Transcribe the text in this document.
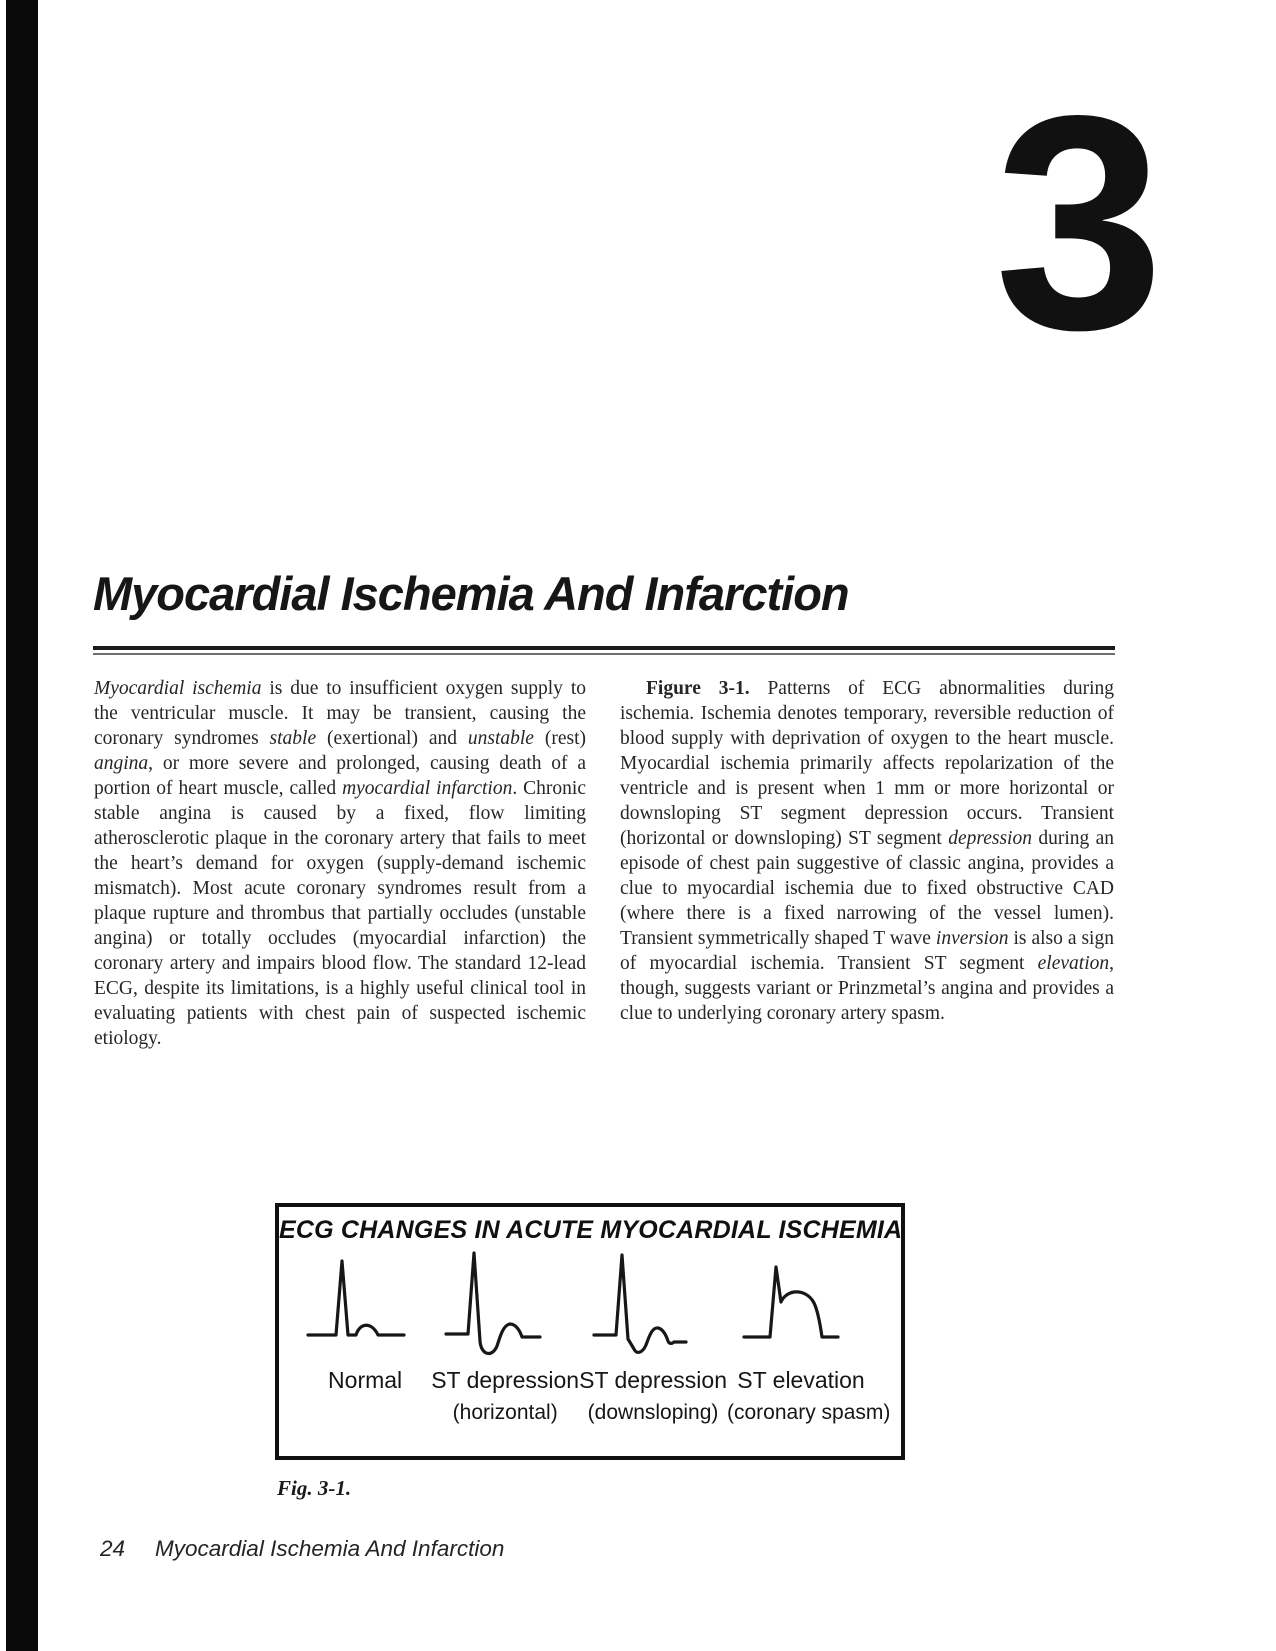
3
Myocardial Ischemia And Infarction

Myocardial ischemia is due to insufficient oxygen supply to the ventricular muscle. It may be transient, causing the coronary syndromes stable (exertional) and unstable (rest) angina, or more severe and prolonged, causing death of a portion of heart muscle, called myocardial infarction. Chronic stable angina is caused by a fixed, flow limiting atherosclerotic plaque in the coronary artery that fails to meet the heart’s demand for oxygen (supply-demand ischemic mismatch). Most acute coronary syndromes result from a plaque rupture and thrombus that partially occludes (unstable angina) or totally occludes (myocardial infarction) the coronary artery and impairs blood flow. The standard 12-lead ECG, despite its limitations, is a highly useful clinical tool in evaluating patients with chest pain of suspected ischemic etiology.

Figure 3-1. Patterns of ECG abnormalities during ischemia. Ischemia denotes temporary, reversible reduction of blood supply with deprivation of oxygen to the heart muscle. Myocardial ischemia primarily affects repolarization of the ventricle and is present when 1 mm or more horizontal or downsloping ST segment depression occurs. Transient (horizontal or downsloping) ST segment depression during an episode of chest pain suggestive of classic angina, provides a clue to myocardial ischemia due to fixed obstructive CAD (where there is a fixed narrowing of the vessel lumen). Transient symmetrically shaped T wave inversion is also a sign of myocardial ischemia. Transient ST segment elevation, though, suggests variant or Prinzmetal’s angina and provides a clue to underlying coronary artery spasm.

ECG CHANGES IN ACUTE MYOCARDIAL ISCHEMIA
Normal	ST depression
(horizontal)
ST depression
(downsloping)
ST elevation
(coronary spasm)
Fig. 3-1.
24 Myocardial Ischemia And Infarction
